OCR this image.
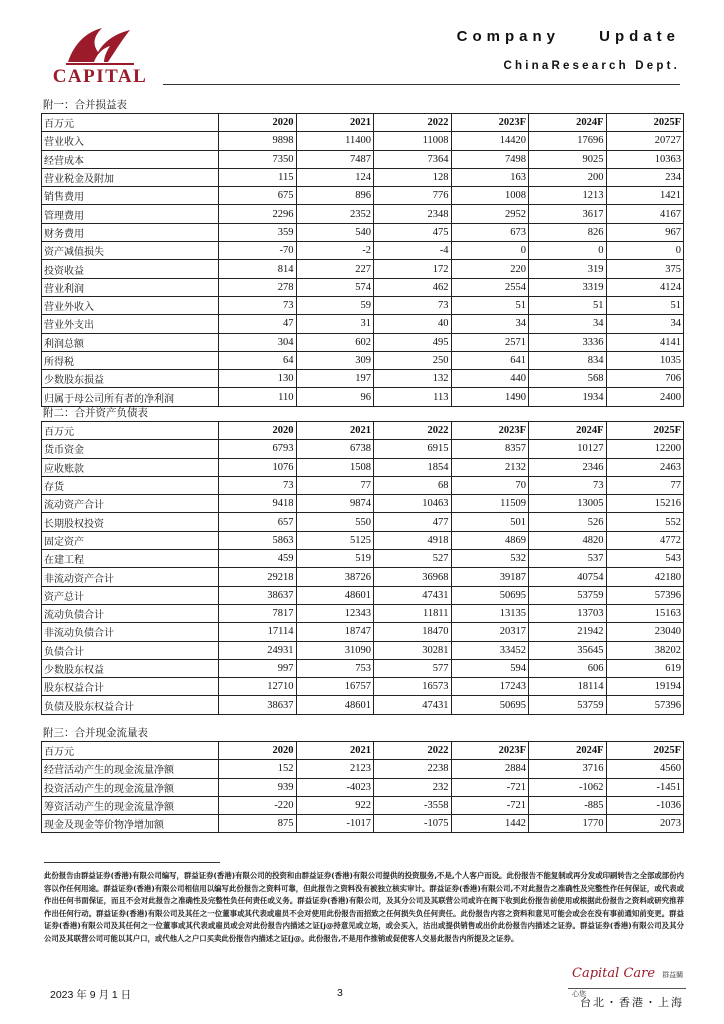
CAPITAL
Company Update
ChinaResearch Dept.
附一：合并损益表
百万元	2020	2021	2022	2023F	2024F	2025F
营业收入	9898	11400	11008	14420	17696	20727
经营成本	7350	7487	7364	7498	9025	10363
营业税金及附加	115	124	128	163	200	234
销售费用	675	896	776	1008	1213	1421
管理费用	2296	2352	2348	2952	3617	4167
财务费用	359	540	475	673	826	967
资产减值损失	-70	-2	-4	0	0	0
投资收益	814	227	172	220	319	375
营业利润	278	574	462	2554	3319	4124
营业外收入	73	59	73	51	51	51
营业外支出	47	31	40	34	34	34
利润总额	304	602	495	2571	3336	4141
所得税	64	309	250	641	834	1035
少数股东损益	130	197	132	440	568	706
归属于母公司所有者的净利润	110	96	113	1490	1934	2400
附二：合并资产负债表
百万元	2020	2021	2022	2023F	2024F	2025F
货币资金	6793	6738	6915	8357	10127	12200
应收账款	1076	1508	1854	2132	2346	2463
存货	73	77	68	70	73	77
流动资产合计	9418	9874	10463	11509	13005	15216
长期股权投资	657	550	477	501	526	552
固定资产	5863	5125	4918	4869	4820	4772
在建工程	459	519	527	532	537	543
非流动资产合计	29218	38726	36968	39187	40754	42180
资产总计	38637	48601	47431	50695	53759	57396
流动负债合计	7817	12343	11811	13135	13703	15163
非流动负债合计	17114	18747	18470	20317	21942	23040
负债合计	24931	31090	30281	33452	35645	38202
少数股东权益	997	753	577	594	606	619
股东权益合计	12710	16757	16573	17243	18114	19194
负债及股东权益合计	38637	48601	47431	50695	53759	57396
附三：合并现金流量表
百万元	2020	2021	2022	2023F	2024F	2025F
经营活动产生的现金流量净额	152	2123	2238	2884	3716	4560
投资活动产生的现金流量净额	939	-4023	232	-721	-1062	-1451
筹资活动产生的现金流量净额	-220	922	-3558	-721	-885	-1036
现金及现金等价物净增加额	875	-1017	-1075	1442	1770	2073
此份报告由群益证券(香港)有限公司编写，群益证券(香港)有限公司的投资和由群益证券(香港)有限公司提供的投资服务,不是,个人客户而设。此份报告不能复制或再分发或印刷转告之全部或部份内容以作任何用途。群益证券(香港)有限公司相信用以编写此份报告之资料可靠，但此报告之资料没有被独立核实审计。群益证券(香港)有限公司,不对此报告之准确性及完整性作任何保证，或代表或作出任何书面保证，而且不会对此报告之准确性及完整性负任何责任或义务。群益证券(香港)有限公司，及其分公司及其联营公司或许在阁下收到此份报告前使用或根据此份报告之资料或研究推荐作出任何行动。群益证券(香港)有限公司及其任之一位董事或其代表或雇员不会对使用此份报告而招致之任何损失负任何责任。此份报告内容之资料和意见可能会或会在没有事前通知前变更。群益证券(香港)有限公司及其任何之一位董事或其代表或雇员或会对此份报告内描述之证[j@持意见或立场，或会买入，沽出或提供销售或出价此份报告内描述之证券。群益证券(香港)有限公司及其分公司及其联营公司可能以其户口，或代他人之户口买卖此份报告内描述之证[j@。此份报告,不是用作推销或促使客人交易此报告内所提及之证券。
Capital Care 群益關心您
台北・香港・上海
2023 年 9 月 1 日	3
